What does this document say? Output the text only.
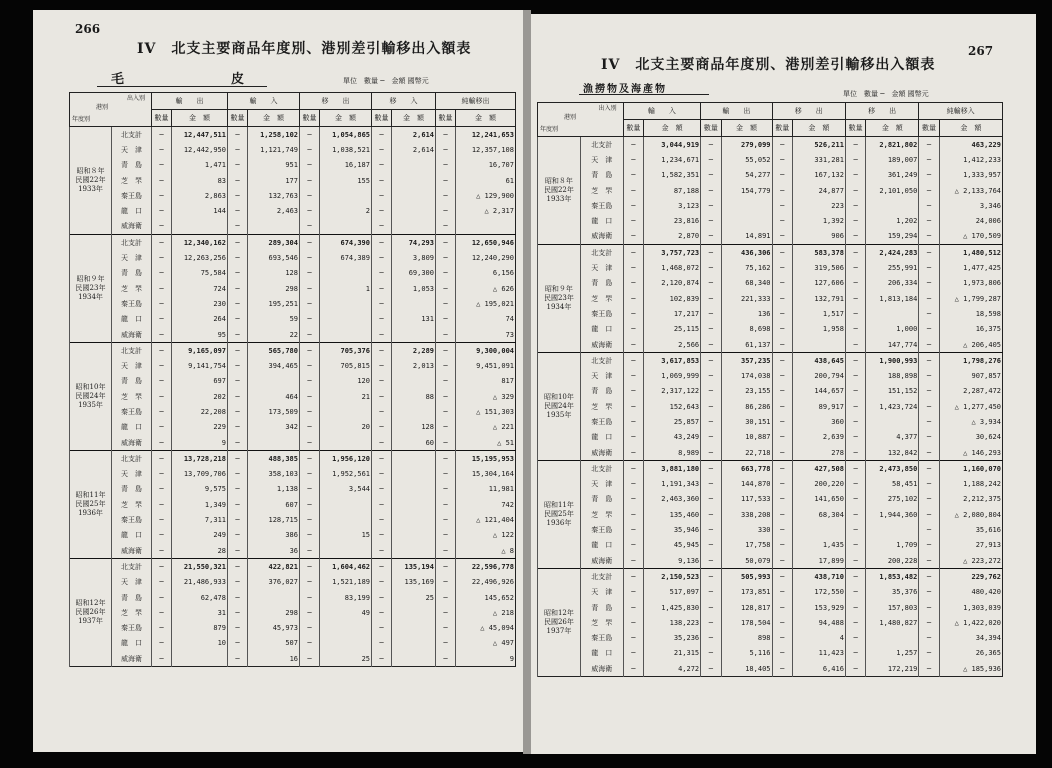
266
IV　北支主要商品年度別、港別差引輸移出入額表
毛　　　　　　　皮	單位　數量 ─　金額 國幣元
出入別
港別
年度別		輸　　出		輸　　入		移　　出		移　　入		純輸移出	
		數量	金　額	數量	金　額	數量	金　額	數量	金　額	數量	金　額

昭和８年
民國22年
1933年	北支計	─	12,447,511	─	1,258,102	─	1,054,865	─	2,614	─	12,241,653
	天　津	─	12,442,950	─	1,121,749	─	1,038,521	─	2,614	─	12,357,108
	青　島	─	1,471	─	951	─	16,187	─		─	16,707
	芝　罘	─	83	─	177	─	155	─		─	61
	秦王島	─	2,863	─	132,763	─		─		─	△ 129,900
	龍　口	─	144	─	2,463	─	2	─		─	△ 2,317
	威海衛	─		─		─		─		─	

昭和９年
民國23年
1934年	北支計	─	12,340,162	─	289,304	─	674,390	─	74,293	─	12,650,946
	天　津	─	12,263,256	─	693,546	─	674,389	─	3,809	─	12,240,290
	青　島	─	75,584	─	128	─		─	69,300	─	6,156
	芝　罘	─	724	─	298	─	1	─	1,053	─	△ 626
	秦王島	─	230	─	195,251	─		─		─	△ 195,021
	龍　口	─	264	─	59	─		─	131	─	74
	威海衛	─	95	─	22	─		─		─	73

昭和10年
民國24年
1935年	北支計	─	9,165,097	─	565,780	─	705,376	─	2,289	─	9,300,004
	天　津	─	9,141,754	─	394,465	─	705,815	─	2,013	─	9,451,091
	青　島	─	697	─		─	120	─		─	817
	芝　罘	─	202	─	464	─	21	─	88	─	△ 329
	秦王島	─	22,208	─	173,509	─		─		─	△ 151,303
	龍　口	─	229	─	342	─	20	─	128	─	△ 221
	威海衛	─	9	─		─		─	60	─	△ 51

昭和11年
民國25年
1936年	北支計	─	13,728,218	─	488,385	─	1,956,120	─		─	15,195,953
	天　津	─	13,709,706	─	358,103	─	1,952,561	─		─	15,304,164
	青　島	─	9,575	─	1,138	─	3,544	─		─	11,981
	芝　罘	─	1,349	─	607	─		─		─	742
	秦王島	─	7,311	─	128,715	─		─		─	△ 121,404
	龍　口	─	249	─	386	─	15	─		─	△ 122
	威海衛	─	28	─	36	─		─		─	△ 8

昭和12年
民國26年
1937年	北支計	─	21,550,321	─	422,821	─	1,604,462	─	135,194	─	22,596,778
	天　津	─	21,486,933	─	376,027	─	1,521,189	─	135,169	─	22,496,926
	青　島	─	62,478	─		─	83,199	─	25	─	145,652
	芝　罘	─	31	─	298	─	49	─		─	△ 218
	秦王島	─	879	─	45,973	─		─		─	△ 45,094
	龍　口	─	10	─	507	─		─		─	△ 497
	威海衛	─		─	16	─	25	─		─	9
267
IV　北支主要商品年度別、港別差引輸移出入額表
漁撈物及海產物	單位　數量 ─　金額 國幣元
出入別
港別
年度別		輸　　入		輸　　出		移　　出		移　　出		純輸移入	
		數量	金　額	數量	金　額	數量	金　額	數量	金　額	數量	金　額

昭和８年
民國22年
1933年	北支計	─	3,044,919	─	279,099	─	526,211	─	2,821,802	─	463,229
	天　津	─	1,234,671	─	55,052	─	331,281	─	189,007	─	1,412,233
	青　島	─	1,582,351	─	54,277	─	167,132	─	361,249	─	1,333,957
	芝　罘	─	87,188	─	154,779	─	24,877	─	2,101,050	─	△ 2,133,764
	秦王島	─	3,123	─		─	223	─		─	3,346
	龍　口	─	23,816	─		─	1,392	─	1,202	─	24,006
	威海衛	─	2,870	─	14,891	─	906	─	159,294	─	△ 170,509

昭和９年
民國23年
1934年	北支計	─	3,757,723	─	436,306	─	583,378	─	2,424,283	─	1,480,512
	天　津	─	1,468,072	─	75,162	─	319,506	─	255,991	─	1,477,425
	青　島	─	2,120,874	─	68,340	─	127,606	─	206,334	─	1,973,806
	芝　罘	─	102,839	─	221,333	─	132,791	─	1,813,184	─	△ 1,799,287
	秦王島	─	17,217	─	136	─	1,517	─		─	18,598
	龍　口	─	25,115	─	8,698	─	1,958	─	1,000	─	16,375
	威海衛	─	2,566	─	61,137	─		─	147,774	─	△ 206,405

昭和10年
民國24年
1935年	北支計	─	3,617,853	─	357,235	─	438,645	─	1,900,993	─	1,798,276
	天　津	─	1,069,999	─	174,038	─	200,794	─	188,898	─	907,857
	青　島	─	2,317,122	─	23,155	─	144,657	─	151,152	─	2,287,472
	芝　罘	─	152,643	─	86,286	─	89,917	─	1,423,724	─	△ 1,277,450
	秦王島	─	25,857	─	30,151	─	360	─		─	△ 3,934
	龍　口	─	43,249	─	10,887	─	2,639	─	4,377	─	30,624
	威海衛	─	8,989	─	22,718	─	278	─	132,842	─	△ 146,293

昭和11年
民國25年
1936年	北支計	─	3,881,180	─	663,778	─	427,508	─	2,473,850	─	1,160,070
	天　津	─	1,191,343	─	144,870	─	200,220	─	58,451	─	1,188,242
	青　島	─	2,463,360	─	117,533	─	141,650	─	275,102	─	2,212,375
	芝　罘	─	135,460	─	338,208	─	68,304	─	1,944,360	─	△ 2,080,804
	秦王島	─	35,946	─	330	─		─		─	35,616
	龍　口	─	45,945	─	17,758	─	1,435	─	1,709	─	27,913
	威海衛	─	9,136	─	50,079	─	17,899	─	200,228	─	△ 223,272

昭和12年
民國26年
1937年	北支計	─	2,150,523	─	505,993	─	438,710	─	1,853,482	─	229,762
	天　津	─	517,097	─	173,851	─	172,550	─	35,376	─	480,420
	青　島	─	1,425,830	─	128,817	─	153,929	─	157,803	─	1,303,039
	芝　罘	─	138,223	─	178,504	─	94,488	─	1,480,827	─	△ 1,422,020
	秦王島	─	35,236	─	898	─	4	─		─	34,394
	龍　口	─	21,315	─	5,116	─	11,423	─	1,257	─	26,365
	威海衛	─	4,272	─	18,405	─	6,416	─	172,219	─	△ 185,936
